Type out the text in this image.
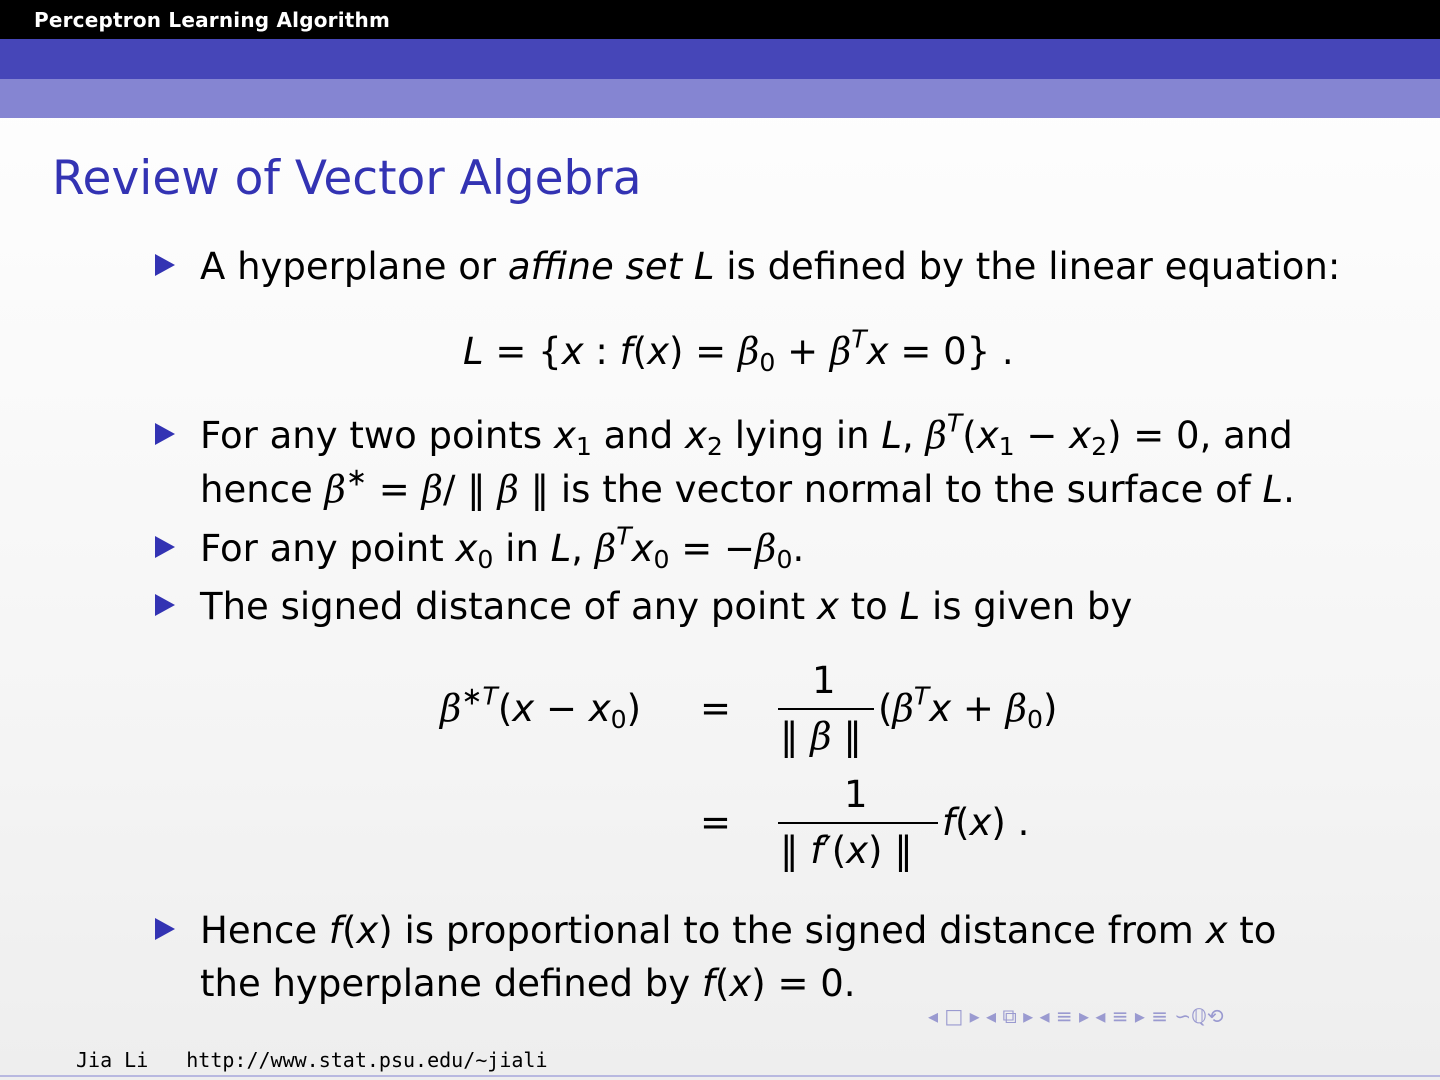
Perceptron Learning Algorithm
Review of Vector Algebra
A hyperplane or affine set L is defined by the linear equation:
L = {x : $f(x) = \beta_0 + \beta^Tx = 0$} .
For any two points $x_1$ and $x_2$ lying in L, $\beta^T(x_1 - x_2) = 0$, and
hence β∗ = β/ ‖ β ‖ is the vector normal to the surface of L.
For any point $x_0$ in L, $\beta^Tx_0 = -\beta_0$.
The signed distance of any point x to L is given by
$\beta^{∗T}(x - x_0)$ =
1
‖ β ‖
$(\beta^Tx + \beta_0)$
=
1
‖ f′(x) ‖
f(x) .
Hence f(x) is proportional to the signed distance from x to
the hyperplane defined by f(x) = 0.
◂ □ ▸ ◂ ⧉ ▸ ◂ ≡ ▸ ◂ ≡ ▸ ≡ ∽ℚ⟲
Jia Li http://www.stat.psu.edu/∼jiali
